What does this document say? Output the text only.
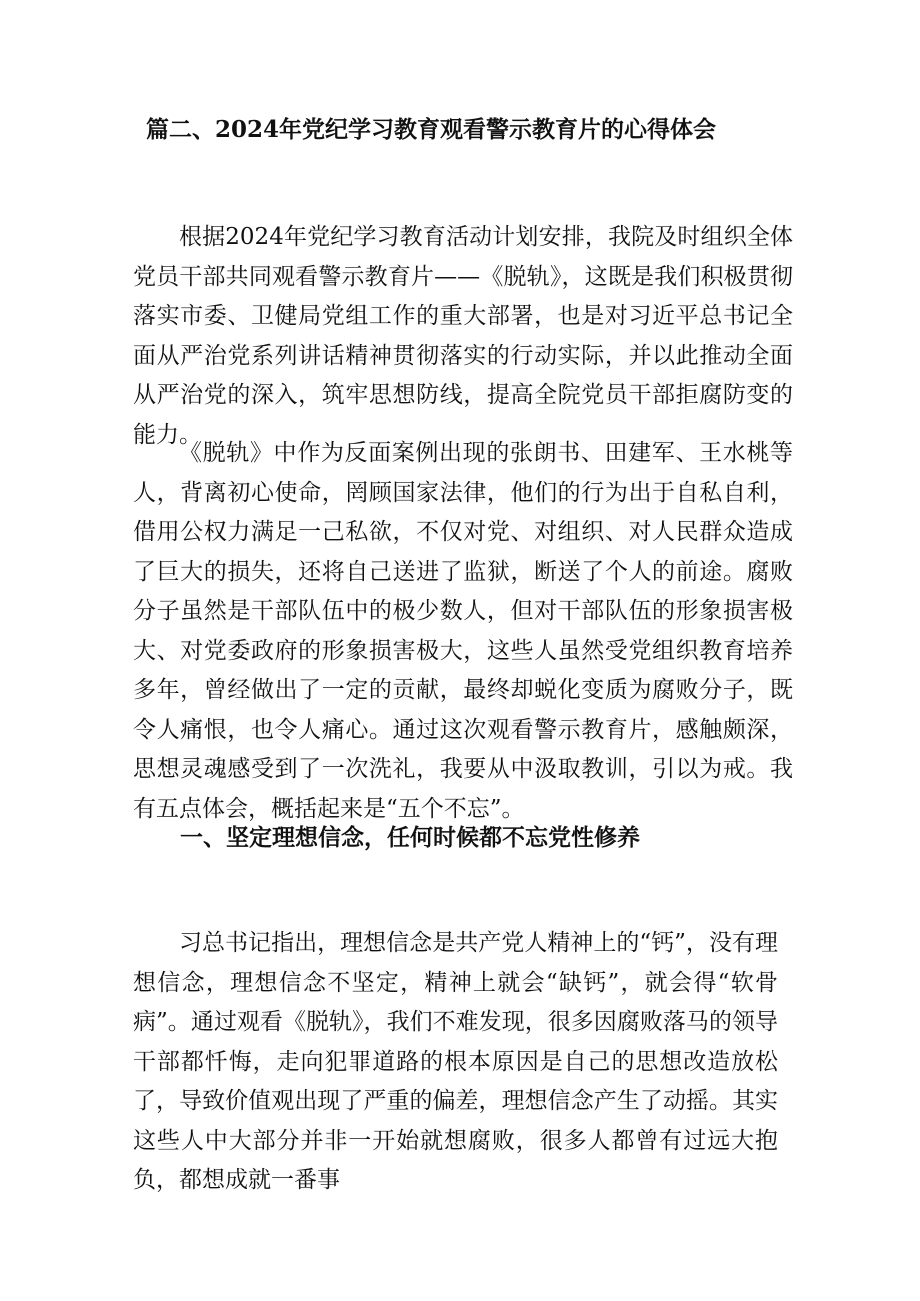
篇二、2024年党纪学习教育观看警示教育片的心得体会

根据2024年党纪学习教育活动计划安排，我院及时组织全体党员干部共同观看警示教育片——《脱轨》，这既是我们积极贯彻落实市委、卫健局党组工作的重大部署，也是对习近平总书记全面从严治党系列讲话精神贯彻落实的行动实际，并以此推动全面从严治党的深入，筑牢思想防线，提高全院党员干部拒腐防变的能力。

《脱轨》中作为反面案例出现的张朗书、田建军、王水桃等人，背离初心使命，罔顾国家法律，他们的行为出于自私自利，借用公权力满足一己私欲，不仅对党、对组织、对人民群众造成了巨大的损失，还将自己送进了监狱，断送了个人的前途。腐败分子虽然是干部队伍中的极少数人，但对干部队伍的形象损害极大、对党委政府的形象损害极大，这些人虽然受党组织教育培养多年，曾经做出了一定的贡献，最终却蜕化变质为腐败分子，既令人痛恨，也令人痛心。通过这次观看警示教育片，感触颇深，思想灵魂感受到了一次洗礼，我要从中汲取教训，引以为戒。我有五点体会，概括起来是“五个不忘”。

一、坚定理想信念，任何时候都不忘党性修养

习总书记指出，理想信念是共产党人精神上的“钙”，没有理想信念，理想信念不坚定，精神上就会“缺钙”，就会得“软骨病”。通过观看《脱轨》，我们不难发现，很多因腐败落马的领导干部都忏悔，走向犯罪道路的根本原因是自己的思想改造放松了，导致价值观出现了严重的偏差，理想信念产生了动摇。其实这些人中大部分并非一开始就想腐败，很多人都曾有过远大抱负，都想成就一番事
